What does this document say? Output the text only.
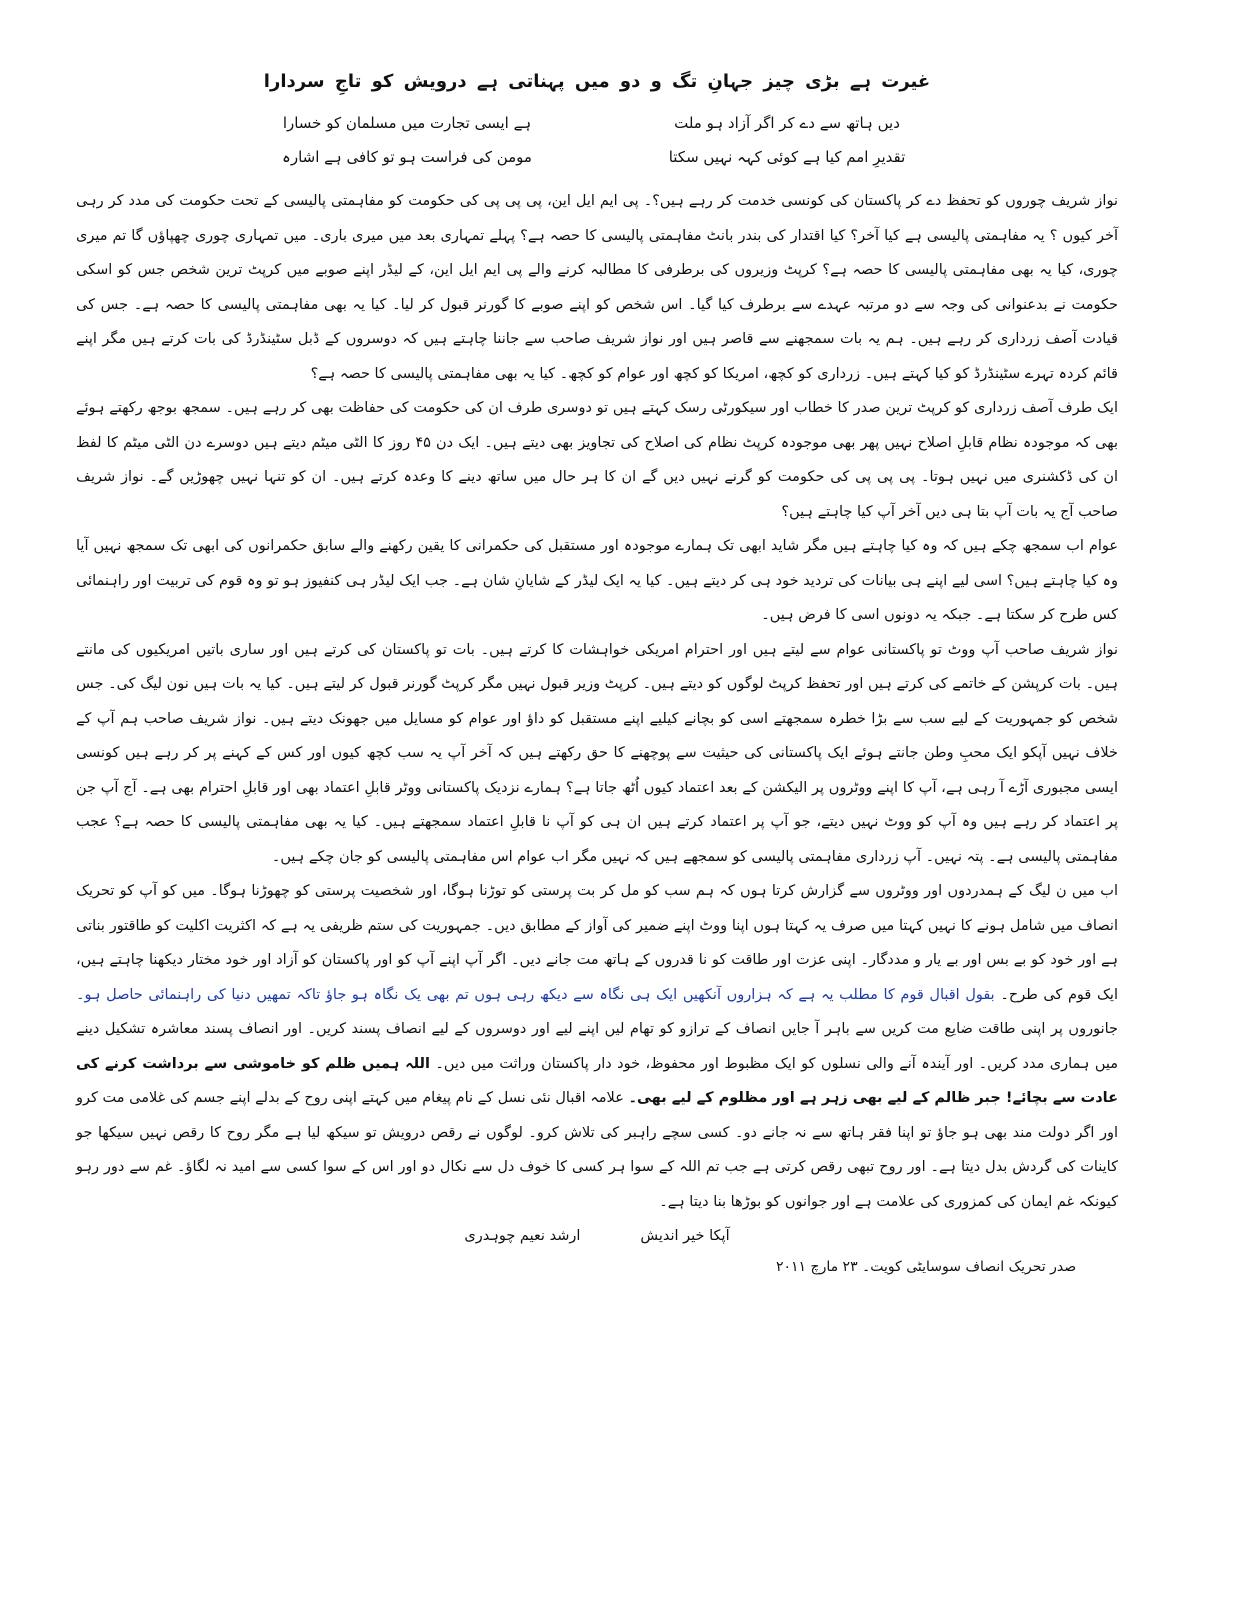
غیرت ہے بڑی چیز جہانِ تگ و دو میں پہناتی ہے درویش کو تاجِ سردارا
دیں ہاتھ سے دے کر اگر آزاد ہو ملت
ہے ایسی تجارت میں مسلمان کو خسارا
تقدیرِ امم کیا ہے کوئی کہہ نہیں سکتا
مومن کی فراست ہو تو کافی ہے اشارہ

نواز شریف چوروں کو تحفظ دے کر پاکستان کی کونسی خدمت کر رہے ہیں؟۔ پی ایم ایل این، پی پی پی کی حکومت کو مفاہمتی پالیسی کے تحت حکومت کی مدد کر رہی آخر کیوں ؟ یہ مفاہمتی پالیسی ہے کیا آخر؟ کیا اقتدار کی بندر بانٹ مفاہمتی پالیسی کا حصہ ہے؟ پہلے تمہاری بعد میں میری باری۔ میں تمہاری چوری چھپاؤں گا تم میری چوری، کیا یہ بھی مفاہمتی پالیسی کا حصہ ہے؟ کرپٹ وزیروں کی برطرفی کا مطالبہ کرنے والے پی ایم ایل این، کے لیڈر اپنے صوبے میں کرپٹ ترین شخص جس کو اسکی حکومت نے بدعنوانی کی وجہ سے دو مرتبہ عہدے سے برطرف کیا گیا۔ اس شخص کو اپنے صوبے کا گورنر قبول کر لیا۔ کیا یہ بھی مفاہمتی پالیسی کا حصہ ہے۔ جس کی قیادت آصف زرداری کر رہے ہیں۔ ہم یہ بات سمجھنے سے قاصر ہیں اور نواز شریف صاحب سے جاننا چاہتے ہیں کہ دوسروں کے ڈبل سٹینڈرڈ کی بات کرتے ہیں مگر اپنے قائم کردہ تہرے سٹینڈرڈ کو کیا کہتے ہیں۔ زرداری کو کچھ، امریکا کو کچھ اور عوام کو کچھ۔ کیا یہ بھی مفاہمتی پالیسی کا حصہ ہے؟

ایک طرف آصف زرداری کو کرپٹ ترین صدر کا خطاب اور سیکورٹی رسک کہتے ہیں تو دوسری طرف ان کی حکومت کی حفاظت بھی کر رہے ہیں۔ سمجھ بوجھ رکھتے ہوئے بھی کہ موجودہ نظام قابلِ اصلاح نہیں پھر بھی موجودہ کرپٹ نظام کی اصلاح کی تجاویز بھی دیتے ہیں۔ ایک دن ۴۵ روز کا الٹی میٹم دیتے ہیں دوسرے دن الٹی میٹم کا لفظ ان کی ڈکشنری میں نہیں ہوتا۔ پی پی پی کی حکومت کو گرنے نہیں دیں گے ان کا ہر حال میں ساتھ دینے کا وعدہ کرتے ہیں۔ ان کو تنہا نہیں چھوڑیں گے۔ نواز شریف صاحب آج یہ بات آپ بتا ہی دیں آخر آپ کیا چاہتے ہیں؟

عوام اب سمجھ چکے ہیں کہ وہ کیا چاہتے ہیں مگر شاید ابھی تک ہمارے موجودہ اور مستقبل کی حکمرانی کا یقین رکھنے والے سابق حکمرانوں کی ابھی تک سمجھ نہیں آیا وہ کیا چاہتے ہیں؟ اسی لیے اپنے ہی بیانات کی تردید خود ہی کر دیتے ہیں۔ کیا یہ ایک لیڈر کے شایانِ شان ہے۔ جب ایک لیڈر ہی کنفیوز ہو تو وہ قوم کی تربیت اور راہنمائی کس طرح کر سکتا ہے۔ جبکہ یہ دونوں اسی کا فرض ہیں۔

نواز شریف صاحب آپ ووٹ تو پاکستانی عوام سے لیتے ہیں اور احترام امریکی خواہشات کا کرتے ہیں۔ بات تو پاکستان کی کرتے ہیں اور ساری باتیں امریکیوں کی مانتے ہیں۔ بات کرپشن کے خاتمے کی کرتے ہیں اور تحفظ کرپٹ لوگوں کو دیتے ہیں۔ کرپٹ وزیر قبول نہیں مگر کرپٹ گورنر قبول کر لیتے ہیں۔ کیا یہ بات ہیں نون لیگ کی۔ جس شخص کو جمہوریت کے لیے سب سے بڑا خطرہ سمجھتے اسی کو بچانے کیلیے اپنے مستقبل کو داؤ اور عوام کو مسایل میں جھونک دیتے ہیں۔ نواز شریف صاحب ہم آپ کے خلاف نہیں آپکو ایک محبِ وطن جانتے ہوئے ایک پاکستانی کی حیثیت سے پوچھنے کا حق رکھتے ہیں کہ آخر آپ یہ سب کچھ کیوں اور کس کے کہنے پر کر رہے ہیں کونسی ایسی مجبوری آڑے آ رہی ہے، آپ کا اپنے ووٹروں پر الیکشن کے بعد اعتماد کیوں اُٹھ جاتا ہے؟ ہمارے نزدیک پاکستانی ووٹر قابلِ اعتماد بھی اور قابلِ احترام بھی ہے۔ آج آپ جن پر اعتماد کر رہے ہیں وہ آپ کو ووٹ نہیں دیتے، جو آپ پر اعتماد کرتے ہیں ان ہی کو آپ نا قابلِ اعتماد سمجھتے ہیں۔ کیا یہ بھی مفاہمتی پالیسی کا حصہ ہے؟ عجب مفاہمتی پالیسی ہے۔ پتہ نہیں۔ آپ زرداری مفاہمتی پالیسی کو سمجھے ہیں کہ نہیں مگر اب عوام اس مفاہمتی پالیسی کو جان چکے ہیں۔

اب میں ن لیگ کے ہمدردوں اور ووٹروں سے گزارش کرتا ہوں کہ ہم سب کو مل کر بت پرستی کو توڑنا ہوگا، اور شخصیت پرستی کو چھوڑنا ہوگا۔ میں کو آپ کو تحریک انصاف میں شامل ہونے کا نہیں کہتا میں صرف یہ کہتا ہوں اپنا ووٹ اپنے ضمیر کی آواز کے مطابق دیں۔ جمہوریت کی ستم ظریفی یہ ہے کہ اکثریت اکلیت کو طاقتور بناتی ہے اور خود کو بے بس اور بے یار و مددگار۔ اپنی عزت اور طاقت کو نا قدروں کے ہاتھ مت جانے دیں۔ اگر آپ اپنے آپ کو اور پاکستان کو آزاد اور خود مختار دیکھنا چاہتے ہیں، ایک قوم کی طرح۔ بقول اقبال قوم کا مطلب یہ ہے کہ ہزاروں آنکھیں ایک ہی نگاہ سے دیکھ رہی ہوں تم بھی یک نگاہ ہو جاؤ تاکہ تمھیں دنیا کی راہنمائی حاصل ہو۔ جانوروں پر اپنی طاقت ضایع مت کریں سے باہر آ جایں انصاف کے ترازو کو تھام لیں اپنے لیے اور دوسروں کے لیے انصاف پسند کریں۔ اور انصاف پسند معاشرہ تشکیل دینے میں ہماری مدد کریں۔ اور آیندہ آنے والی نسلوں کو ایک مظبوط اور محفوظ، خود دار پاکستان وراثت میں دیں۔ اللہ ہمیں ظلم کو خاموشی سے برداشت کرنے کی عادت سے بچائے! جبر ظالم کے لیے بھی زہر ہے اور مظلوم کے لیے بھی۔ علامہ اقبال نئی نسل کے نام پیغام میں کہتے اپنی روح کے بدلے اپنے جسم کی غلامی مت کرو اور اگر دولت مند بھی ہو جاؤ تو اپنا فقر ہاتھ سے نہ جانے دو۔ کسی سچے راہبر کی تلاش کرو۔ لوگوں نے رقص درویش تو سیکھ لیا ہے مگر روح کا رقص نہیں سیکھا جو کاینات کی گردش بدل دیتا ہے۔ اور روح تبھی رقص کرتی ہے جب تم اللہ کے سوا ہر کسی کا خوف دل سے نکال دو اور اس کے سوا کسی سے امید نہ لگاؤ۔ غم سے دور رہو کیونکہ غم ایمان کی کمزوری کی علامت ہے اور جوانوں کو بوڑھا بنا دیتا ہے۔

آپکا خیر اندیش
ارشد نعیم چوہدری
صدر تحریک انصاف سوسایٹی کویت۔ ۲۳ مارچ ۲۰۱۱
